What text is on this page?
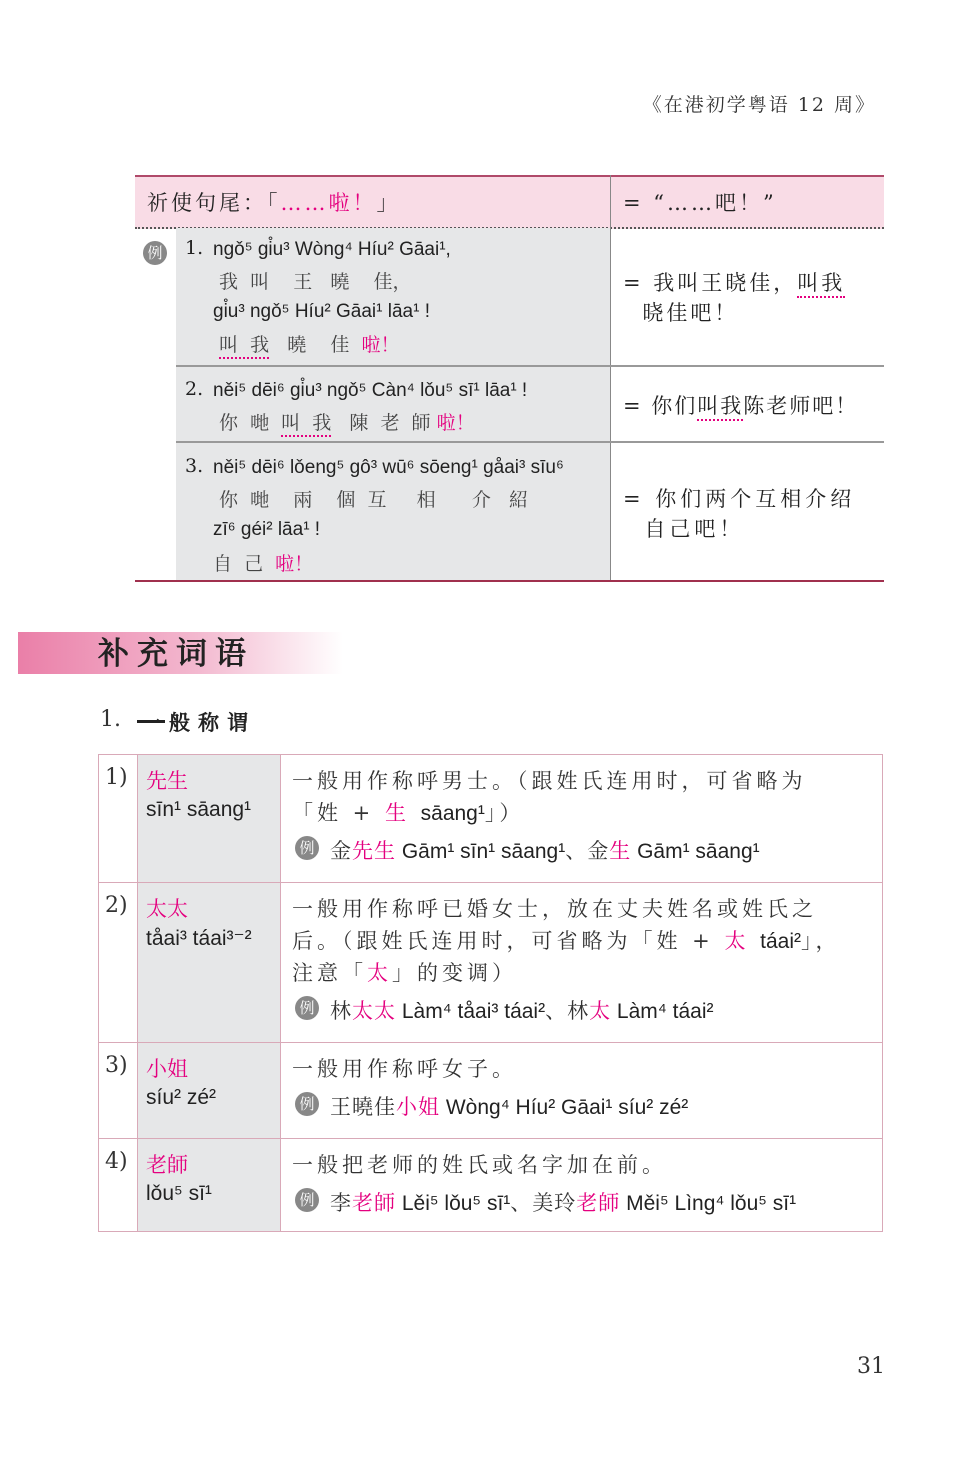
《在港初学粤语 12 周》
祈使句尾：「……啦！」	= “……吧！”
例 1. ngǒ⁵ gi̊u³ Wòng⁴ Híu² Gāai¹,
我  叫    王   曉    佳，
gi̊u³ ngǒ⁵ Híu² Gāai¹ lāa¹ !
叫  我   曉    佳  啦！
= 我叫王晓佳，叫我
晓佳吧！
2. něi⁵ dēi⁶ gi̊u³ ngǒ⁵ Càn⁴ lǒu⁵ sī¹ lāa¹ !
你  哋  叫  我   陳  老  師 啦！
= 你们叫我陈老师吧！
3. něi⁵ dēi⁶ lǒeng⁵ gô³ wū⁶ sōeng¹ gåai³ sīu⁶
你  哋    兩    個  互     相      介   紹
zī⁶ géi² lāa¹ !
自  己  啦！
= 你们两个互相介绍
自己吧！
补充词语
1. 一般称谓
31
1) 先生
sīn¹ sāang¹
一般用作称呼男士。（跟姓氏连用时，可省略为
「姓 + 生 sāang¹」）
例 金先生 Gām¹ sīn¹ sāang¹、金生 Gām¹ sāang¹
2) 太太
tåai³ táai³⁻²
一般用作称呼已婚女士，放在丈夫姓名或姓氏之
后。（跟姓氏连用时，可省略为「姓 + 太 táai²」，
注意「太」的变调）
例 林太太 Làm⁴ tåai³ táai²、林太 Làm⁴ táai²
3) 小姐
síu² zé²
一般用作称呼女子。
例 王曉佳小姐 Wòng⁴ Híu² Gāai¹ síu² zé²
4) 老師
lǒu⁵ sī¹
一般把老师的姓氏或名字加在前。
例 李老師 Lěi⁵ lǒu⁵ sī¹、美玲老師 Měi⁵ Lìng⁴ lǒu⁵ sī¹
